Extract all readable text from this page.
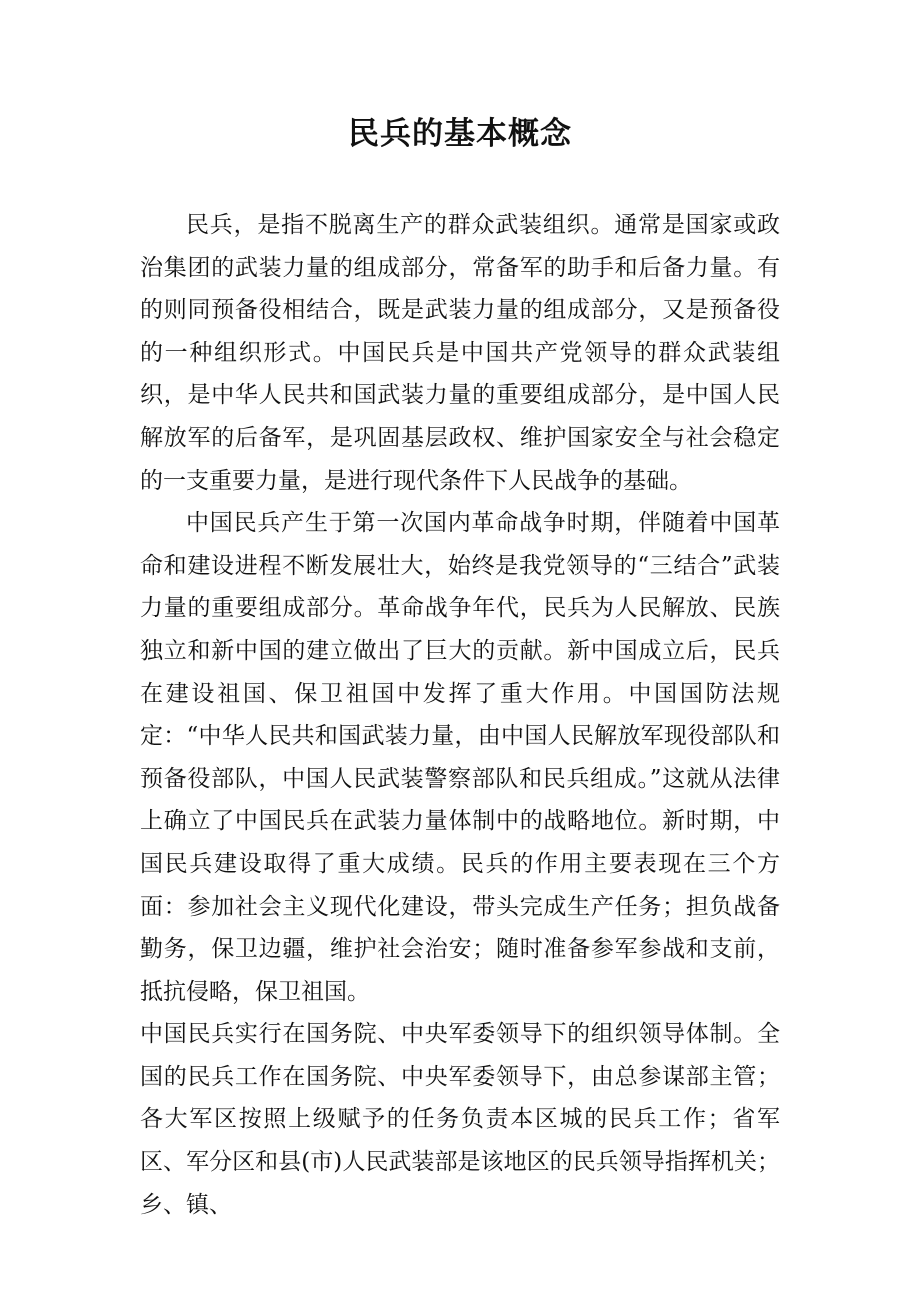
民兵的基本概念

民兵，是指不脱离生产的群众武装组织。通常是国家或政治集团的武装力量的组成部分，常备军的助手和后备力量。有的则同预备役相结合，既是武装力量的组成部分，又是预备役的一种组织形式。中国民兵是中国共产党领导的群众武装组织，是中华人民共和国武装力量的重要组成部分，是中国人民解放军的后备军，是巩固基层政权、维护国家安全与社会稳定的一支重要力量，是进行现代条件下人民战争的基础。

中国民兵产生于第一次国内革命战争时期，伴随着中国革命和建设进程不断发展壮大，始终是我党领导的“三结合”武装力量的重要组成部分。革命战争年代，民兵为人民解放、民族独立和新中国的建立做出了巨大的贡献。新中国成立后，民兵在建设祖国、保卫祖国中发挥了重大作用。中国国防法规定：“中华人民共和国武装力量，由中国人民解放军现役部队和预备役部队，中国人民武装警察部队和民兵组成。”这就从法律上确立了中国民兵在武装力量体制中的战略地位。新时期，中国民兵建设取得了重大成绩。民兵的作用主要表现在三个方面：参加社会主义现代化建设，带头完成生产任务；担负战备勤务，保卫边疆，维护社会治安；随时准备参军参战和支前，抵抗侵略，保卫祖国。

中国民兵实行在国务院、中央军委领导下的组织领导体制。全国的民兵工作在国务院、中央军委领导下，由总参谋部主管；各大军区按照上级赋予的任务负责本区城的民兵工作；省军区、军分区和县(市)人民武装部是该地区的民兵领导指挥机关；乡、镇、
